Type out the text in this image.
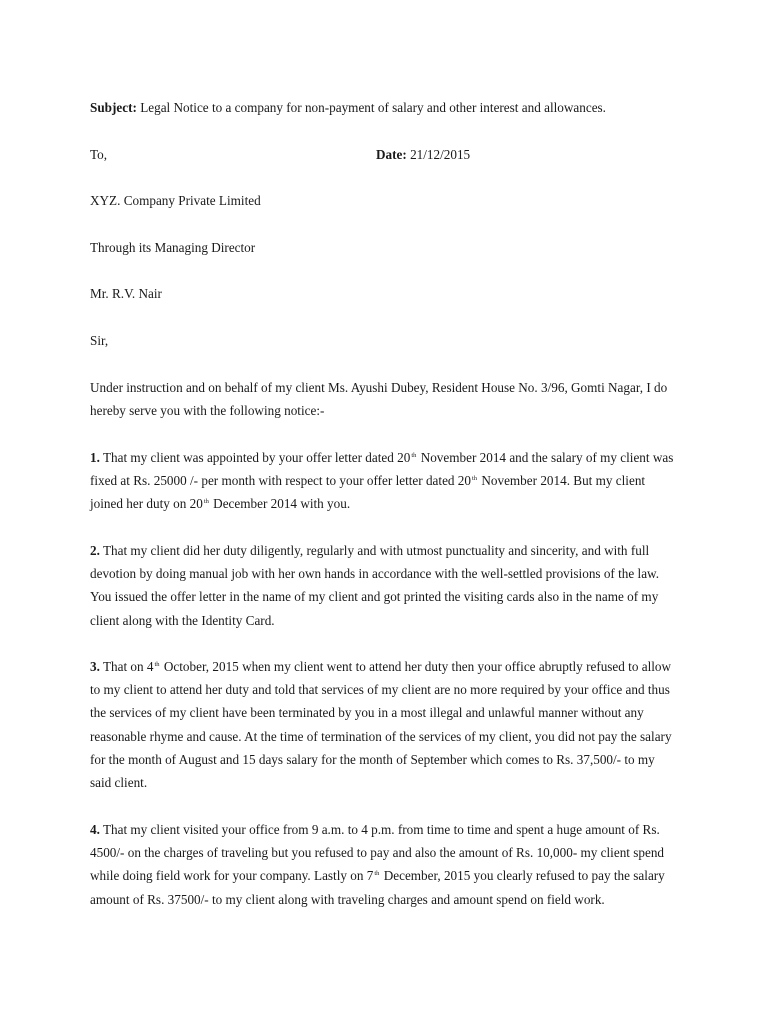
Subject: Legal Notice to a company for non-payment of salary and other interest and allowances.
To,	Date: 21/12/2015
XYZ. Company Private Limited
Through its Managing Director
Mr. R.V. Nair
Sir,
Under instruction and on behalf of my client Ms. Ayushi Dubey, Resident House No. 3/96, Gomti Nagar, I do
hereby serve you with the following notice:-
1. That my client was appointed by your offer letter dated 20th November 2014 and the salary of my client was
fixed at Rs. 25000 /- per month with respect to your offer letter dated 20th November 2014. But my client
joined her duty on 20th December 2014 with you.
2. That my client did her duty diligently, regularly and with utmost punctuality and sincerity, and with full
devotion by doing manual job with her own hands in accordance with the well-settled provisions of the law.
You issued the offer letter in the name of my client and got printed the visiting cards also in the name of my
client along with the Identity Card.
3. That on 4th October, 2015 when my client went to attend her duty then your office abruptly refused to allow
to my client to attend her duty and told that services of my client are no more required by your office and thus
the services of my client have been terminated by you in a most illegal and unlawful manner without any
reasonable rhyme and cause. At the time of termination of the services of my client, you did not pay the salary
for the month of August and 15 days salary for the month of September which comes to Rs. 37,500/- to my
said client.
4. That my client visited your office from 9 a.m. to 4 p.m. from time to time and spent a huge amount of Rs.
4500/- on the charges of traveling but you refused to pay and also the amount of Rs. 10,000- my client spend
while doing field work for your company. Lastly on 7th December, 2015 you clearly refused to pay the salary
amount of Rs. 37500/- to my client along with traveling charges and amount spend on field work.
